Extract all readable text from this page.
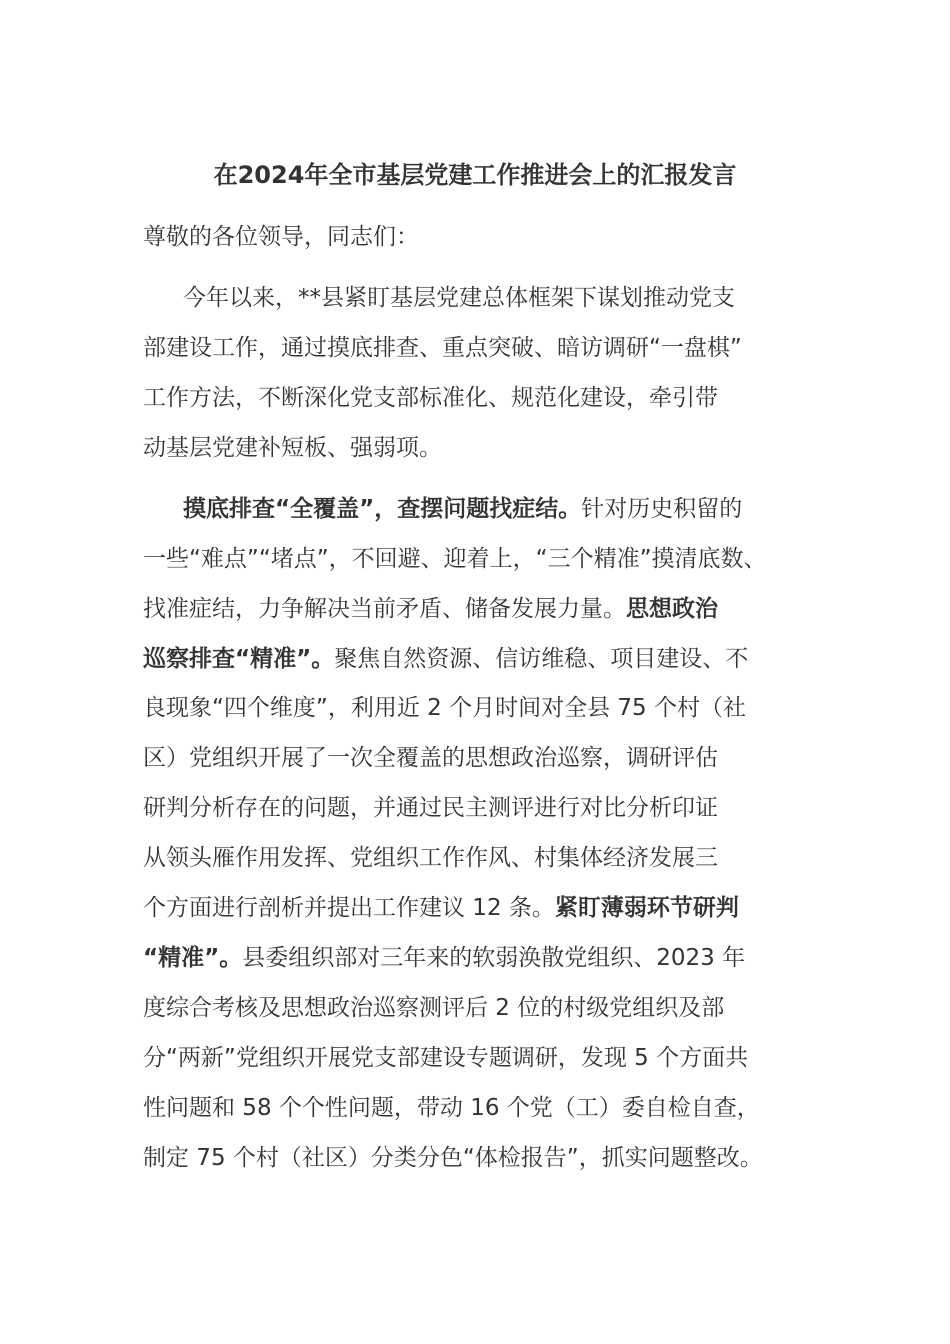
在2024年全市基层党建工作推进会上的汇报发言
尊敬的各位领导，同志们：
今年以来，**县紧盯基层党建总体框架下谋划推动党支
部建设工作，通过摸底排查、重点突破、暗访调研“一盘棋”
工作方法，不断深化党支部标准化、规范化建设，牵引带
动基层党建补短板、强弱项。
摸底排查“全覆盖”，查摆问题找症结。针对历史积留的
一些“难点”“堵点”，不回避、迎着上，“三个精准”摸清底数、
找准症结，力争解决当前矛盾、储备发展力量。思想政治
巡察排查“精准”。聚焦自然资源、信访维稳、项目建设、不
良现象“四个维度”，利用近 2 个月时间对全县 75 个村（社
区）党组织开展了一次全覆盖的思想政治巡察，调研评估
研判分析存在的问题，并通过民主测评进行对比分析印证
从领头雁作用发挥、党组织工作作风、村集体经济发展三
个方面进行剖析并提出工作建议 12 条。紧盯薄弱环节研判
“精准”。县委组织部对三年来的软弱涣散党组织、2023 年
度综合考核及思想政治巡察测评后 2 位的村级党组织及部
分“两新”党组织开展党支部建设专题调研，发现 5 个方面共
性问题和 58 个个性问题，带动 16 个党（工）委自检自查，
制定 75 个村（社区）分类分色“体检报告”，抓实问题整改。
